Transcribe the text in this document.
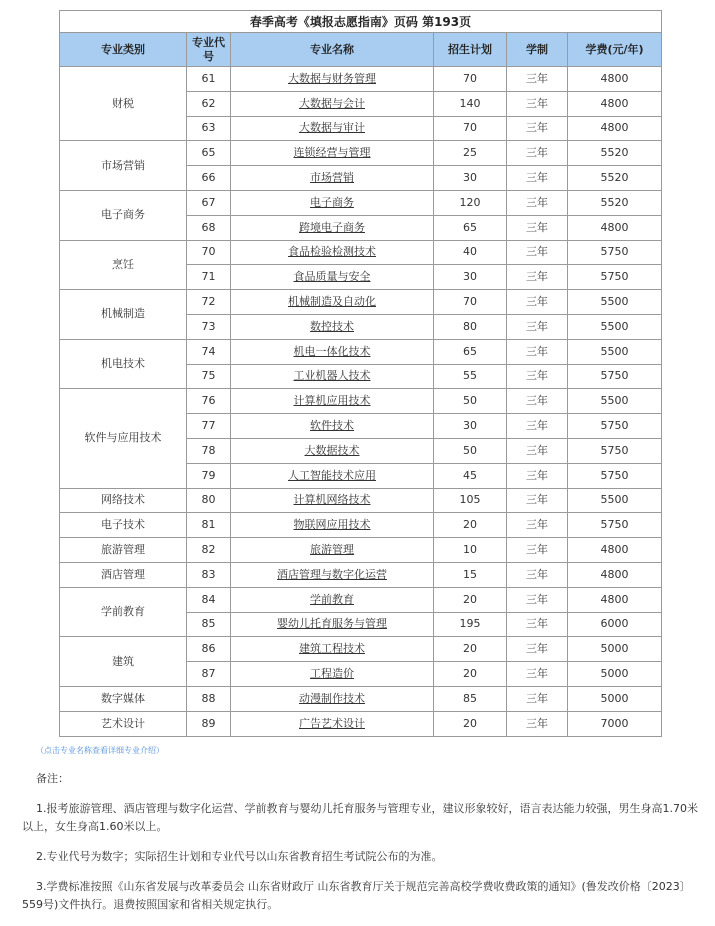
春季高考《填报志愿指南》页码 第193页					
专业类别	专业代号	专业名称	招生计划	学制	学费(元/年)
财税	61	大数据与财务管理	70	三年	4800
	62	大数据与会计	140	三年	4800
	63	大数据与审计	70	三年	4800
市场营销	65	连锁经营与管理	25	三年	5520
	66	市场营销	30	三年	5520
电子商务	67	电子商务	120	三年	5520
	68	跨境电子商务	65	三年	4800
烹饪	70	食品检验检测技术	40	三年	5750
	71	食品质量与安全	30	三年	5750
机械制造	72	机械制造及自动化	70	三年	5500
	73	数控技术	80	三年	5500
机电技术	74	机电一体化技术	65	三年	5500
	75	工业机器人技术	55	三年	5750
软件与应用技术	76	计算机应用技术	50	三年	5500
	77	软件技术	30	三年	5750
	78	大数据技术	50	三年	5750
	79	人工智能技术应用	45	三年	5750
网络技术	80	计算机网络技术	105	三年	5500
电子技术	81	物联网应用技术	20	三年	5750
旅游管理	82	旅游管理	10	三年	4800
酒店管理	83	酒店管理与数字化运营	15	三年	4800
学前教育	84	学前教育	20	三年	4800
	85	婴幼儿托育服务与管理	195	三年	6000
建筑	86	建筑工程技术	20	三年	5000
	87	工程造价	20	三年	5000
数字媒体	88	动漫制作技术	85	三年	5000
艺术设计	89	广告艺术设计	20	三年	7000
（点击专业名称查看详细专业介绍）

备注：

1.报考旅游管理、酒店管理与数字化运营、学前教育与婴幼儿托育服务与管理专业，建议形象较好，语言表达能力较强，男生身高1.70米以上，女生身高1.60米以上。

2.专业代号为数字；实际招生计划和专业代号以山东省教育招生考试院公布的为准。

3.学费标准按照《山东省发展与改革委员会 山东省财政厅 山东省教育厅关于规范完善高校学费收费政策的通知》(鲁发改价格〔2023〕559号)文件执行。退费按照国家和省相关规定执行。
